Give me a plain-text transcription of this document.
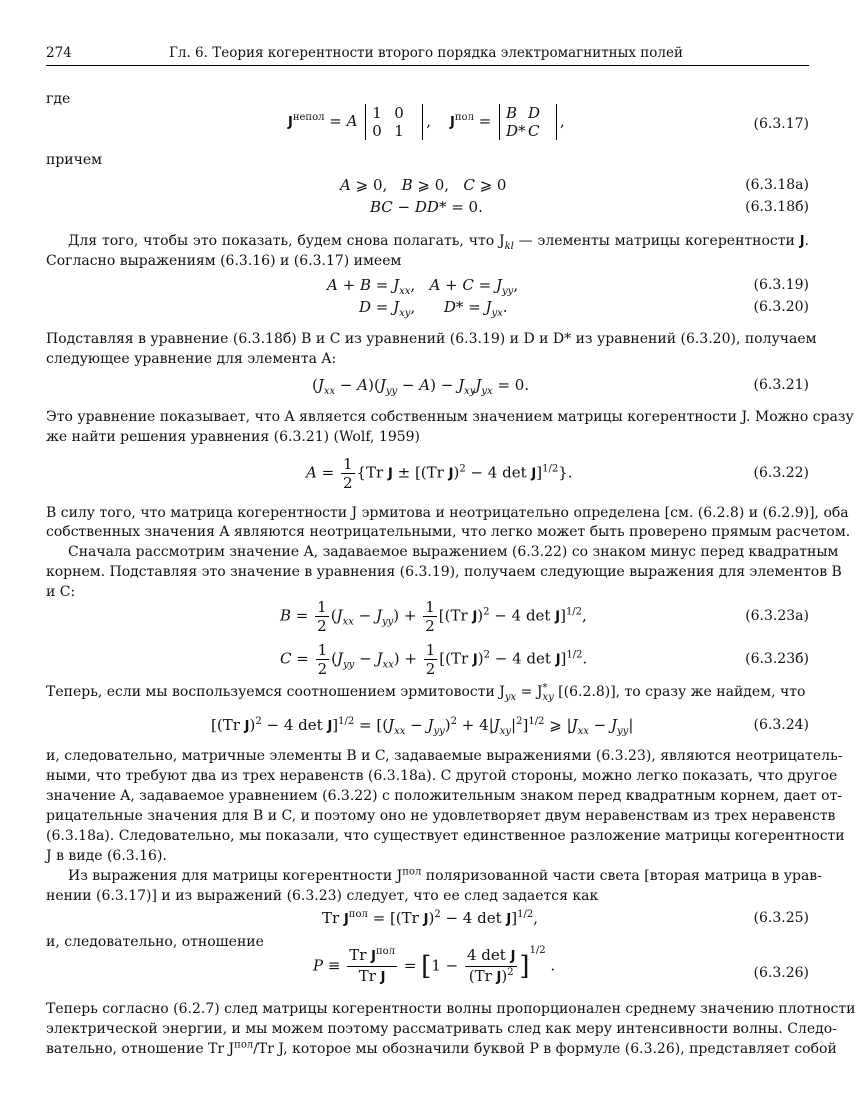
274	Гл. 6. Теория когерентности второго порядка электромагнитных полей
где
$J^{непол} = A$ 1 0
0 1
,    $J^{пол} = B$ D
D* C
,	(6.3.17)
причем
A ⩾ 0,   B ⩾ 0,   C ⩾ 0	(6.3.18а)
BC − DD* = 0.	(6.3.18б)
Для того, чтобы это показать, будем снова полагать, что $J_{kl}$ — элементы матрицы когерентности J.
Согласно выражениям (6.3.16) и (6.3.17) имеем
$A + B = J_{xx}$,   $A + C = J_{yy}$,	(6.3.19)
$D = J_{xy}$,      $D* = J_{yx}$.	(6.3.20)
Подставляя в уравнение (6.3.18б) B и C из уравнений (6.3.19) и D и D* из уравнений (6.3.20), получаем
следующее уравнение для элемента A:
$(J_{xx} - A)(J_{yy} - A) - J_{xy}J_{yx} = 0$.	(6.3.21)
Это уравнение показывает, что A является собственным значением матрицы когерентности J. Можно сразу
же найти решения уравнения (6.3.21) (Wolf, 1959)
$A = \frac{1}{2} \{Tr$ J ± [(Tr J)$^2$ − 4 det J]$^{1/2}$}.	(6.3.22)
В силу того, что матрица когерентности J эрмитова и неотрицательно определена [см. (6.2.8) и (6.2.9)], оба
собственных значения A являются неотрицательными, что легко может быть проверено прямым расчетом.
Сначала рассмотрим значение A, задаваемое выражением (6.3.22) со знаком минус перед квадратным
корнем. Подставляя это значение в уравнения (6.3.19), получаем следующие выражения для элементов B
и C:
$B = \frac{1}{2} (J_{xx} - J_{yy}) + \frac{1}{2} [(Tr$ J)$^2$ − 4 det J]$^{1/2}$,	(6.3.23а)
$C = \frac{1}{2} (J_{yy} - J_{xx}) + \frac{1}{2} [(Tr$ J)$^2$ − 4 det J]$^{1/2}$.	(6.3.23б)
Теперь, если мы воспользуемся соотношением эрмитовости $J_{yx} = J^*_{xy}$ [(6.2.8)], то сразу же найдем, что
[(Tr J)$^2$ − 4 $\det J]^{1/2} = [(J_{xx} - J_{yy})^2 + 4|J_{xy}|^2]^{1/2}$ ⩾ $|J_{xx} - J_{yy}|$	(6.3.24)
и, следовательно, матричные элементы B и C, задаваемые выражениями (6.3.23), являются неотрицатель-
ными, что требуют два из трех неравенств (6.3.18а). С другой стороны, можно легко показать, что другое
значение A, задаваемое уравнением (6.3.22) с положительным знаком перед квадратным корнем, дает от-
рицательные значения для B и C, и поэтому оно не удовлетворяет двум неравенствам из трех неравенств
(6.3.18а). Следовательно, мы показали, что существует единственное разложение матрицы когерентности
J в виде (6.3.16).
Из выражения для матрицы когерентности $J^{пол}$ поляризованной части света [вторая матрица в урав-
нении (6.3.17)] и из выражений (6.3.23) следует, что ее след задается как
Tr $J^{пол} = [(Tr$ J)$^2$ − 4 det J]$^{1/2}$,	(6.3.25)
и, следовательно, отношение
$P \equiv \frac{Tr J^{пол}}{\text{Tr J}} = [1 - \frac{\text{4 det J}}{(Tr J)^2} ]^{1/2}$ .	(6.3.26)
Теперь согласно (6.2.7) след матрицы когерентности волны пропорционален среднему значению плотности
электрической энергии, и мы можем поэтому рассматривать след как меру интенсивности волны. Следо-
вательно, отношение Tr $J^{пол}/Tr$ J, которое мы обозначили буквой P в формуле (6.3.26), представляет собой
